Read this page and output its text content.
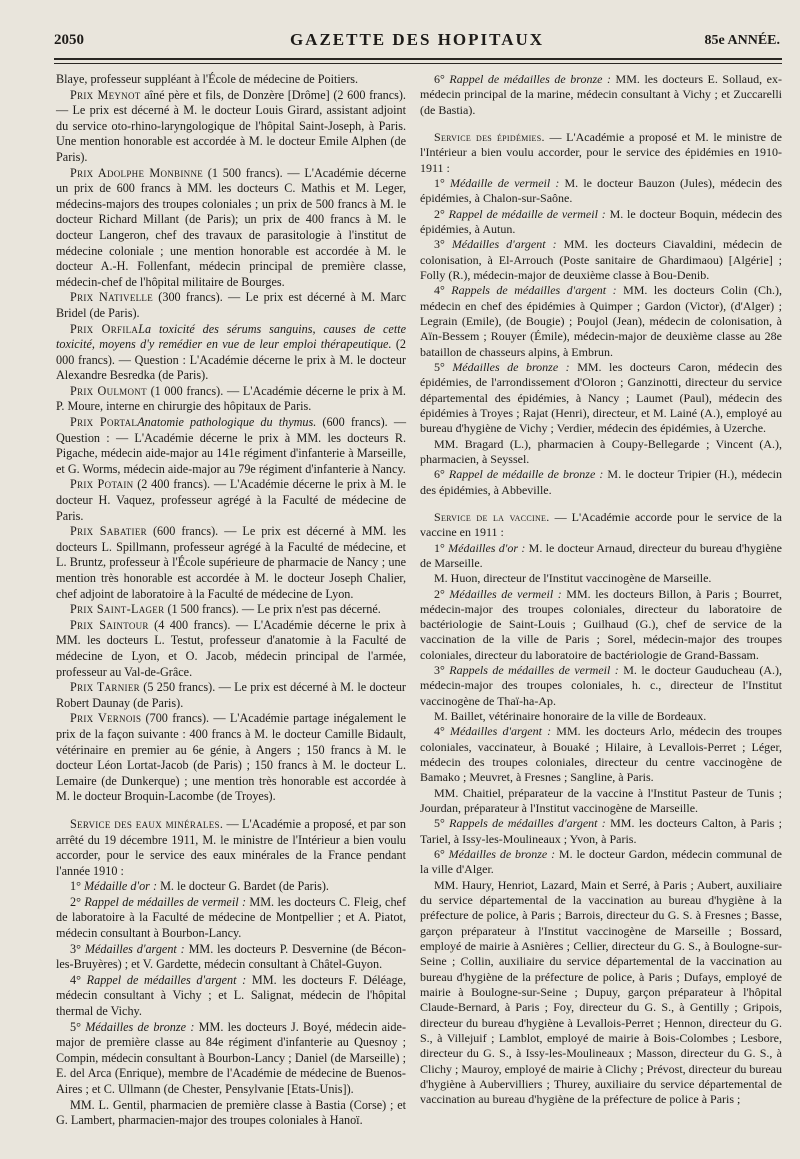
2050	GAZETTE DES HOPITAUX	85e ANNÉE.

Blaye, professeur suppléant à l'École de médecine de Poitiers.

Prix Meynot aîné père et fils, de Donzère [Drôme] (2 600 francs). — Le prix est décerné à M. le docteur Louis Girard, assistant adjoint du service oto-rhino-laryngologique de l'hôpital Saint-Joseph, à Paris. Une mention honorable est accordée à M. le docteur Emile Alphen (de Paris).

Prix Adolphe Monbinne (1 500 francs). — L'Académie décerne un prix de 600 francs à MM. les docteurs C. Mathis et M. Leger, médecins-majors des troupes coloniales ; un prix de 500 francs à M. le docteur Richard Millant (de Paris); un prix de 400 francs à M. le docteur Langeron, chef des travaux de parasitologie à l'institut de médecine coloniale ; une mention honorable est accordée à M. le docteur A.-H. Follenfant, médecin principal de première classe, médecin-chef de l'hôpital militaire de Bourges.

Prix Nativelle (300 francs). — Le prix est décerné à M. Marc Bridel (de Paris).

Prix OrfilaLa toxicité des sérums sanguins, causes de cette toxicité, moyens d'y remédier en vue de leur emploi thérapeutique. (2 000 francs). — Question : L'Académie décerne le prix à M. le docteur Alexandre Besredka (de Paris).

Prix Oulmont (1 000 francs). — L'Académie décerne le prix à M. P. Moure, interne en chirurgie des hôpitaux de Paris.

Prix PortalAnatomie pathologique du thymus. (600 francs). — Question : — L'Académie décerne le prix à MM. les docteurs R. Pigache, médecin aide-major au 141e régiment d'infanterie à Marseille, et G. Worms, médecin aide-major au 79e régiment d'infanterie à Nancy.

Prix Potain (2 400 francs). — L'Académie décerne le prix à M. le docteur H. Vaquez, professeur agrégé à la Faculté de médecine de Paris.

Prix Sabatier (600 francs). — Le prix est décerné à MM. les docteurs L. Spillmann, professeur agrégé à la Faculté de médecine, et L. Bruntz, professeur à l'École supérieure de pharmacie de Nancy ; une mention très honorable est accordée à M. le docteur Joseph Chalier, chef adjoint de laboratoire à la Faculté de médecine de Lyon.

Prix Saint-Lager (1 500 francs). — Le prix n'est pas décerné.

Prix Saintour (4 400 francs). — L'Académie décerne le prix à MM. les docteurs L. Testut, professeur d'anatomie à la Faculté de médecine de Lyon, et O. Jacob, médecin principal de l'armée, professeur au Val-de-Grâce.

Prix Tarnier (5 250 francs). — Le prix est décerné à M. le docteur Robert Daunay (de Paris).

Prix Vernois (700 francs). — L'Académie partage inégalement le prix de la façon suivante : 400 francs à M. le docteur Camille Bidault, vétérinaire en premier au 6e génie, à Angers ; 150 francs à M. le docteur Léon Lortat-Jacob (de Paris) ; 150 francs à M. le docteur L. Lemaire (de Dunkerque) ; une mention très honorable est accordée à M. le docteur Broquin-Lacombe (de Troyes).

Service des eaux minérales. — L'Académie a proposé, et par son arrêté du 19 décembre 1911, M. le ministre de l'Intérieur a bien voulu accorder, pour le service des eaux minérales de la France pendant l'année 1910 :

1° Médaille d'or : M. le docteur G. Bardet (de Paris).

2° Rappel de médailles de vermeil : MM. les docteurs C. Fleig, chef de laboratoire à la Faculté de médecine de Montpellier ; et A. Piatot, médecin consultant à Bourbon-Lancy.

3° Médailles d'argent : MM. les docteurs P. Desvernine (de Bécon-les-Bruyères) ; et V. Gardette, médecin consultant à Châtel-Guyon.

4° Rappel de médailles d'argent : MM. les docteurs F. Déléage, médecin consultant à Vichy ; et L. Salignat, médecin de l'hôpital thermal de Vichy.

5° Médailles de bronze : MM. les docteurs J. Boyé, médecin aide-major de première classe au 84e régiment d'infanterie au Quesnoy ; Compin, médecin consultant à Bourbon-Lancy ; Daniel (de Marseille) ; E. del Arca (Enrique), membre de l'Académie de médecine de Buenos-Aires ; et C. Ullmann (de Chester, Pensylvanie [Etats-Unis]).

MM. L. Gentil, pharmacien de première classe à Bastia (Corse) ; et G. Lambert, pharmacien-major des troupes coloniales à Hanoï.

6° Rappel de médailles de bronze : MM. les docteurs E. Sollaud, ex-médecin principal de la marine, médecin consultant à Vichy ; et Zuccarelli (de Bastia).

Service des épidémies. — L'Académie a proposé et M. le ministre de l'Intérieur a bien voulu accorder, pour le service des épidémies en 1910-1911 :

1° Médaille de vermeil : M. le docteur Bauzon (Jules), médecin des épidémies, à Chalon-sur-Saône.

2° Rappel de médaille de vermeil : M. le docteur Boquin, médecin des épidémies, à Autun.

3° Médailles d'argent : MM. les docteurs Ciavaldini, médecin de colonisation, à El-Arrouch (Poste sanitaire de Ghardimaou) [Algérie] ; Folly (R.), médecin-major de deuxième classe à Bou-Denib.

4° Rappels de médailles d'argent : MM. les docteurs Colin (Ch.), médecin en chef des épidémies à Quimper ; Gardon (Victor), (d'Alger) ; Legrain (Emile), (de Bougie) ; Poujol (Jean), médecin de colonisation, à Aïn-Bessem ; Rouyer (Émile), médecin-major de deuxième classe au 28e bataillon de chasseurs alpins, à Embrun.

5° Médailles de bronze : MM. les docteurs Caron, médecin des épidémies, de l'arrondissement d'Oloron ; Ganzinotti, directeur du service départemental des épidémies, à Nancy ; Laumet (Paul), médecin des épidémies à Troyes ; Rajat (Henri), directeur, et M. Lainé (A.), employé au bureau d'hygiène de Vichy ; Verdier, médecin des épidémies, à Uzerche.

MM. Bragard (L.), pharmacien à Coupy-Bellegarde ; Vincent (A.), pharmacien, à Seyssel.

6° Rappel de médaille de bronze : M. le docteur Tripier (H.), médecin des épidémies, à Abbeville.

Service de la vaccine. — L'Académie accorde pour le service de la vaccine en 1911 :

1° Médailles d'or : M. le docteur Arnaud, directeur du bureau d'hygiène de Marseille.

M. Huon, directeur de l'Institut vaccinogène de Marseille.

2° Médailles de vermeil : MM. les docteurs Billon, à Paris ; Bourret, médecin-major des troupes coloniales, directeur du laboratoire de bactériologie de Saint-Louis ; Guilhaud (G.), chef de service de la vaccination de la ville de Paris ; Sorel, médecin-major des troupes coloniales, directeur du laboratoire de bactériologie de Grand-Bassam.

3° Rappels de médailles de vermeil : M. le docteur Gauducheau (A.), médecin-major des troupes coloniales, h. c., directeur de l'Institut vaccinogène de Thaï-ha-Ap.

M. Baillet, vétérinaire honoraire de la ville de Bordeaux.

4° Médailles d'argent : MM. les docteurs Arlo, médecin des troupes coloniales, vaccinateur, à Bouaké ; Hilaire, à Levallois-Perret ; Léger, médecin des troupes coloniales, directeur du centre vaccinogène de Bamako ; Meuvret, à Fresnes ; Sangline, à Paris.

MM. Chaitiel, préparateur de la vaccine à l'Institut Pasteur de Tunis ; Jourdan, préparateur à l'Institut vaccinogène de Marseille.

5° Rappels de médailles d'argent : MM. les docteurs Calton, à Paris ; Tariel, à Issy-les-Moulineaux ; Yvon, à Paris.

6° Médailles de bronze : M. le docteur Gardon, médecin communal de la ville d'Alger.

MM. Haury, Henriot, Lazard, Main et Serré, à Paris ; Aubert, auxiliaire du service départemental de la vaccination au bureau d'hygiène à la préfecture de police, à Paris ; Barrois, directeur du G. S. à Fresnes ; Basse, garçon préparateur à l'Institut vaccinogène de Marseille ; Bossard, employé de mairie à Asnières ; Cellier, directeur du G. S., à Boulogne-sur-Seine ; Collin, auxiliaire du service départemental de la vaccination au bureau d'hygiène de la préfecture de police, à Paris ; Dufays, employé de mairie à Boulogne-sur-Seine ; Dupuy, garçon préparateur à l'hôpital Claude-Bernard, à Paris ; Foy, directeur du G. S., à Gentilly ; Gripois, directeur du bureau d'hygiène à Levallois-Perret ; Hennon, directeur du G. S., à Villejuif ; Lamblot, employé de mairie à Bois-Colombes ; Lesbore, directeur du G. S., à Issy-les-Moulineaux ; Masson, directeur du G. S., à Clichy ; Mauroy, employé de mairie à Clichy ; Prévost, directeur du bureau d'hygiène à Aubervilliers ; Thurey, auxiliaire du service départemental de vaccination au bureau d'hygiène de la préfecture de police à Paris ;
